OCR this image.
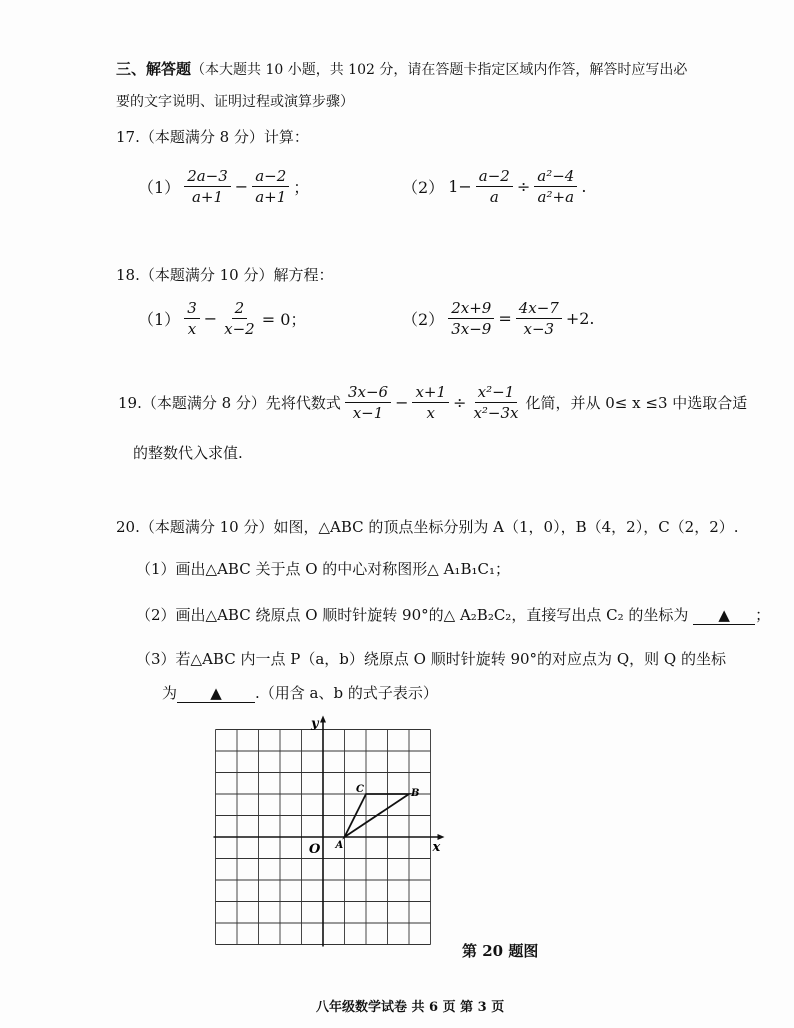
三、解答题（本大题共 10 小题，共 102 分，请在答题卡指定区域内作答，解答时应写出必
要的文字说明、证明过程或演算步骤）
17.（本题满分 8 分）计算：
$(1) \frac{2a-3}{a+1} - \frac{a-2}{a+1}$ ；	（2） $1- \frac{a-2}{a} \div \frac{\text{a²−4}}{\text{a²+a}}$ .
18.（本题满分 10 分）解方程：
$(1) \frac{3}{x} - \frac{2}{x-2} = 0$；	$(2) \frac{2x+9}{3x-9} = \frac{4x-7}{x-3} +2$.
19.（本题满分 8 分）先将代数式 $\frac{3x-6}{x-1} - \frac{x+1}{x} \div \frac{\text{x²−1}}{\text{x²−3x}}$ 化简，并从 0≤ x ≤3 中选取合适
的整数代入求值.
20.（本题满分 10 分）如图，△ABC 的顶点坐标分别为 A（1，0），B（4，2），C（2，2）.
（1）画出△ABC 关于点 O 的中心对称图形△ A₁B₁C₁；
（2）画出△ABC 绕原点 O 顺时针旋转 90°的△ A₂B₂C₂，直接写出点 C₂ 的坐标为 ▲ ；
（3）若△ABC 内一点 P（a，b）绕原点 O 顺时针旋转 90°的对应点为 Q，则 Q 的坐标
为 ▲ .（用含 a、b 的式子表示）
x
y
O A
B
C
第 20 题图
八年级数学试卷 共 6 页 第 3 页
